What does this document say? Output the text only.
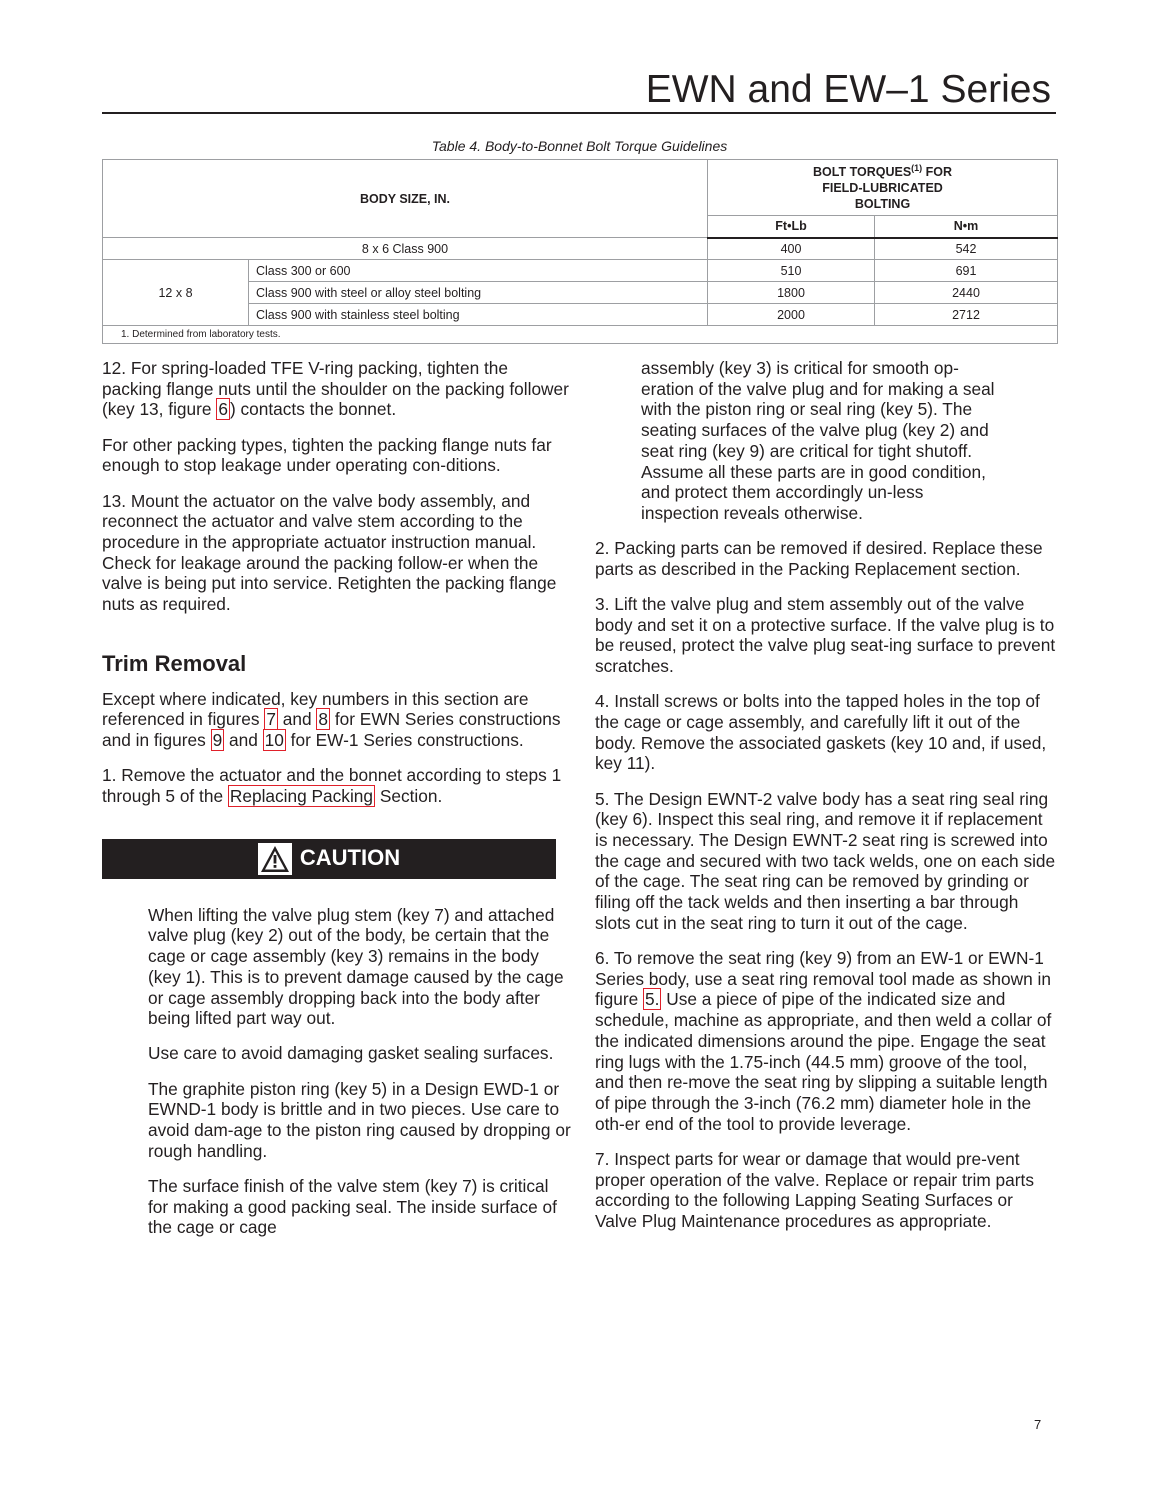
EWN and EW–1 Series
Table 4. Body-to-Bonnet Bolt Torque Guidelines
BODY SIZE, IN.		BOLT TORQUES$^{(1)}$ FOR
FIELD-LUBRICATED
BOLTING	
		Ft•Lb	N•m
8 x 6 Class 900		400	542
12 x 8	Class 300 or 600	510	691
	Class 900 with steel or alloy steel bolting	1800	2440
	Class 900 with stainless steel bolting	2000	2712
1. Determined from laboratory tests.			

12. For spring-loaded TFE V-ring packing, tighten the packing flange nuts until the shoulder on the packing follower (key 13, figure 6 ) contacts the bonnet.

For other packing types, tighten the packing flange nuts far enough to stop leakage under operating con-ditions.

13. Mount the actuator on the valve body assembly, and reconnect the actuator and valve stem according to the procedure in the appropriate actuator instruction manual. Check for leakage around the packing follow-er when the valve is being put into service. Retighten the packing flange nuts as required.

Trim Removal

Except where indicated, key numbers in this section are referenced in figures 7 and 8 for EWN Series constructions and in figures 9 and 10 for EW-1 Series constructions.

1. Remove the actuator and the bonnet according to steps 1 through 5 of the Replacing Packing Section.

CAUTION

When lifting the valve plug stem (key 7) and attached valve plug (key 2) out of the body, be certain that the cage or cage assembly (key 3) remains in the body (key 1). This is to prevent damage caused by the cage or cage assembly dropping back into the body after being lifted part way out.

Use care to avoid damaging gasket sealing surfaces.

The graphite piston ring (key 5) in a Design EWD-1 or EWND-1 body is brittle and in two pieces. Use care to avoid dam-age to the piston ring caused by dropping or rough handling.

The surface finish of the valve stem (key 7) is critical for making a good packing seal. The inside surface of the cage or cage

assembly (key 3) is critical for smooth op-eration of the valve plug and for making a seal with the piston ring or seal ring (key 5). The seating surfaces of the valve plug (key 2) and seat ring (key 9) are critical for tight shutoff. Assume all these parts are in good condition, and protect them accordingly un-less inspection reveals otherwise.

2. Packing parts can be removed if desired. Replace these parts as described in the Packing Replacement section.

3. Lift the valve plug and stem assembly out of the valve body and set it on a protective surface. If the valve plug is to be reused, protect the valve plug seat-ing surface to prevent scratches.

4. Install screws or bolts into the tapped holes in the top of the cage or cage assembly, and carefully lift it out of the body. Remove the associated gaskets (key 10 and, if used, key 11).

5. The Design EWNT-2 valve body has a seat ring seal ring (key 6). Inspect this seal ring, and remove it if replacement is necessary. The Design EWNT-2 seat ring is screwed into the cage and secured with two tack welds, one on each side of the cage. The seat ring can be removed by grinding or filing off the tack welds and then inserting a bar through slots cut in the seat ring to turn it out of the cage.

6. To remove the seat ring (key 9) from an EW-1 or EWN-1 Series body, use a seat ring removal tool made as shown in figure 5. Use a piece of pipe of the indicated size and schedule, machine as appropriate, and then weld a collar of the indicated dimensions around the pipe. Engage the seat ring lugs with the 1.75-inch (44.5 mm) groove of the tool, and then re-move the seat ring by slipping a suitable length of pipe through the 3-inch (76.2 mm) diameter hole in the oth-er end of the tool to provide leverage.

7. Inspect parts for wear or damage that would pre-vent proper operation of the valve. Replace or repair trim parts according to the following Lapping Seating Surfaces or Valve Plug Maintenance procedures as appropriate.

7
